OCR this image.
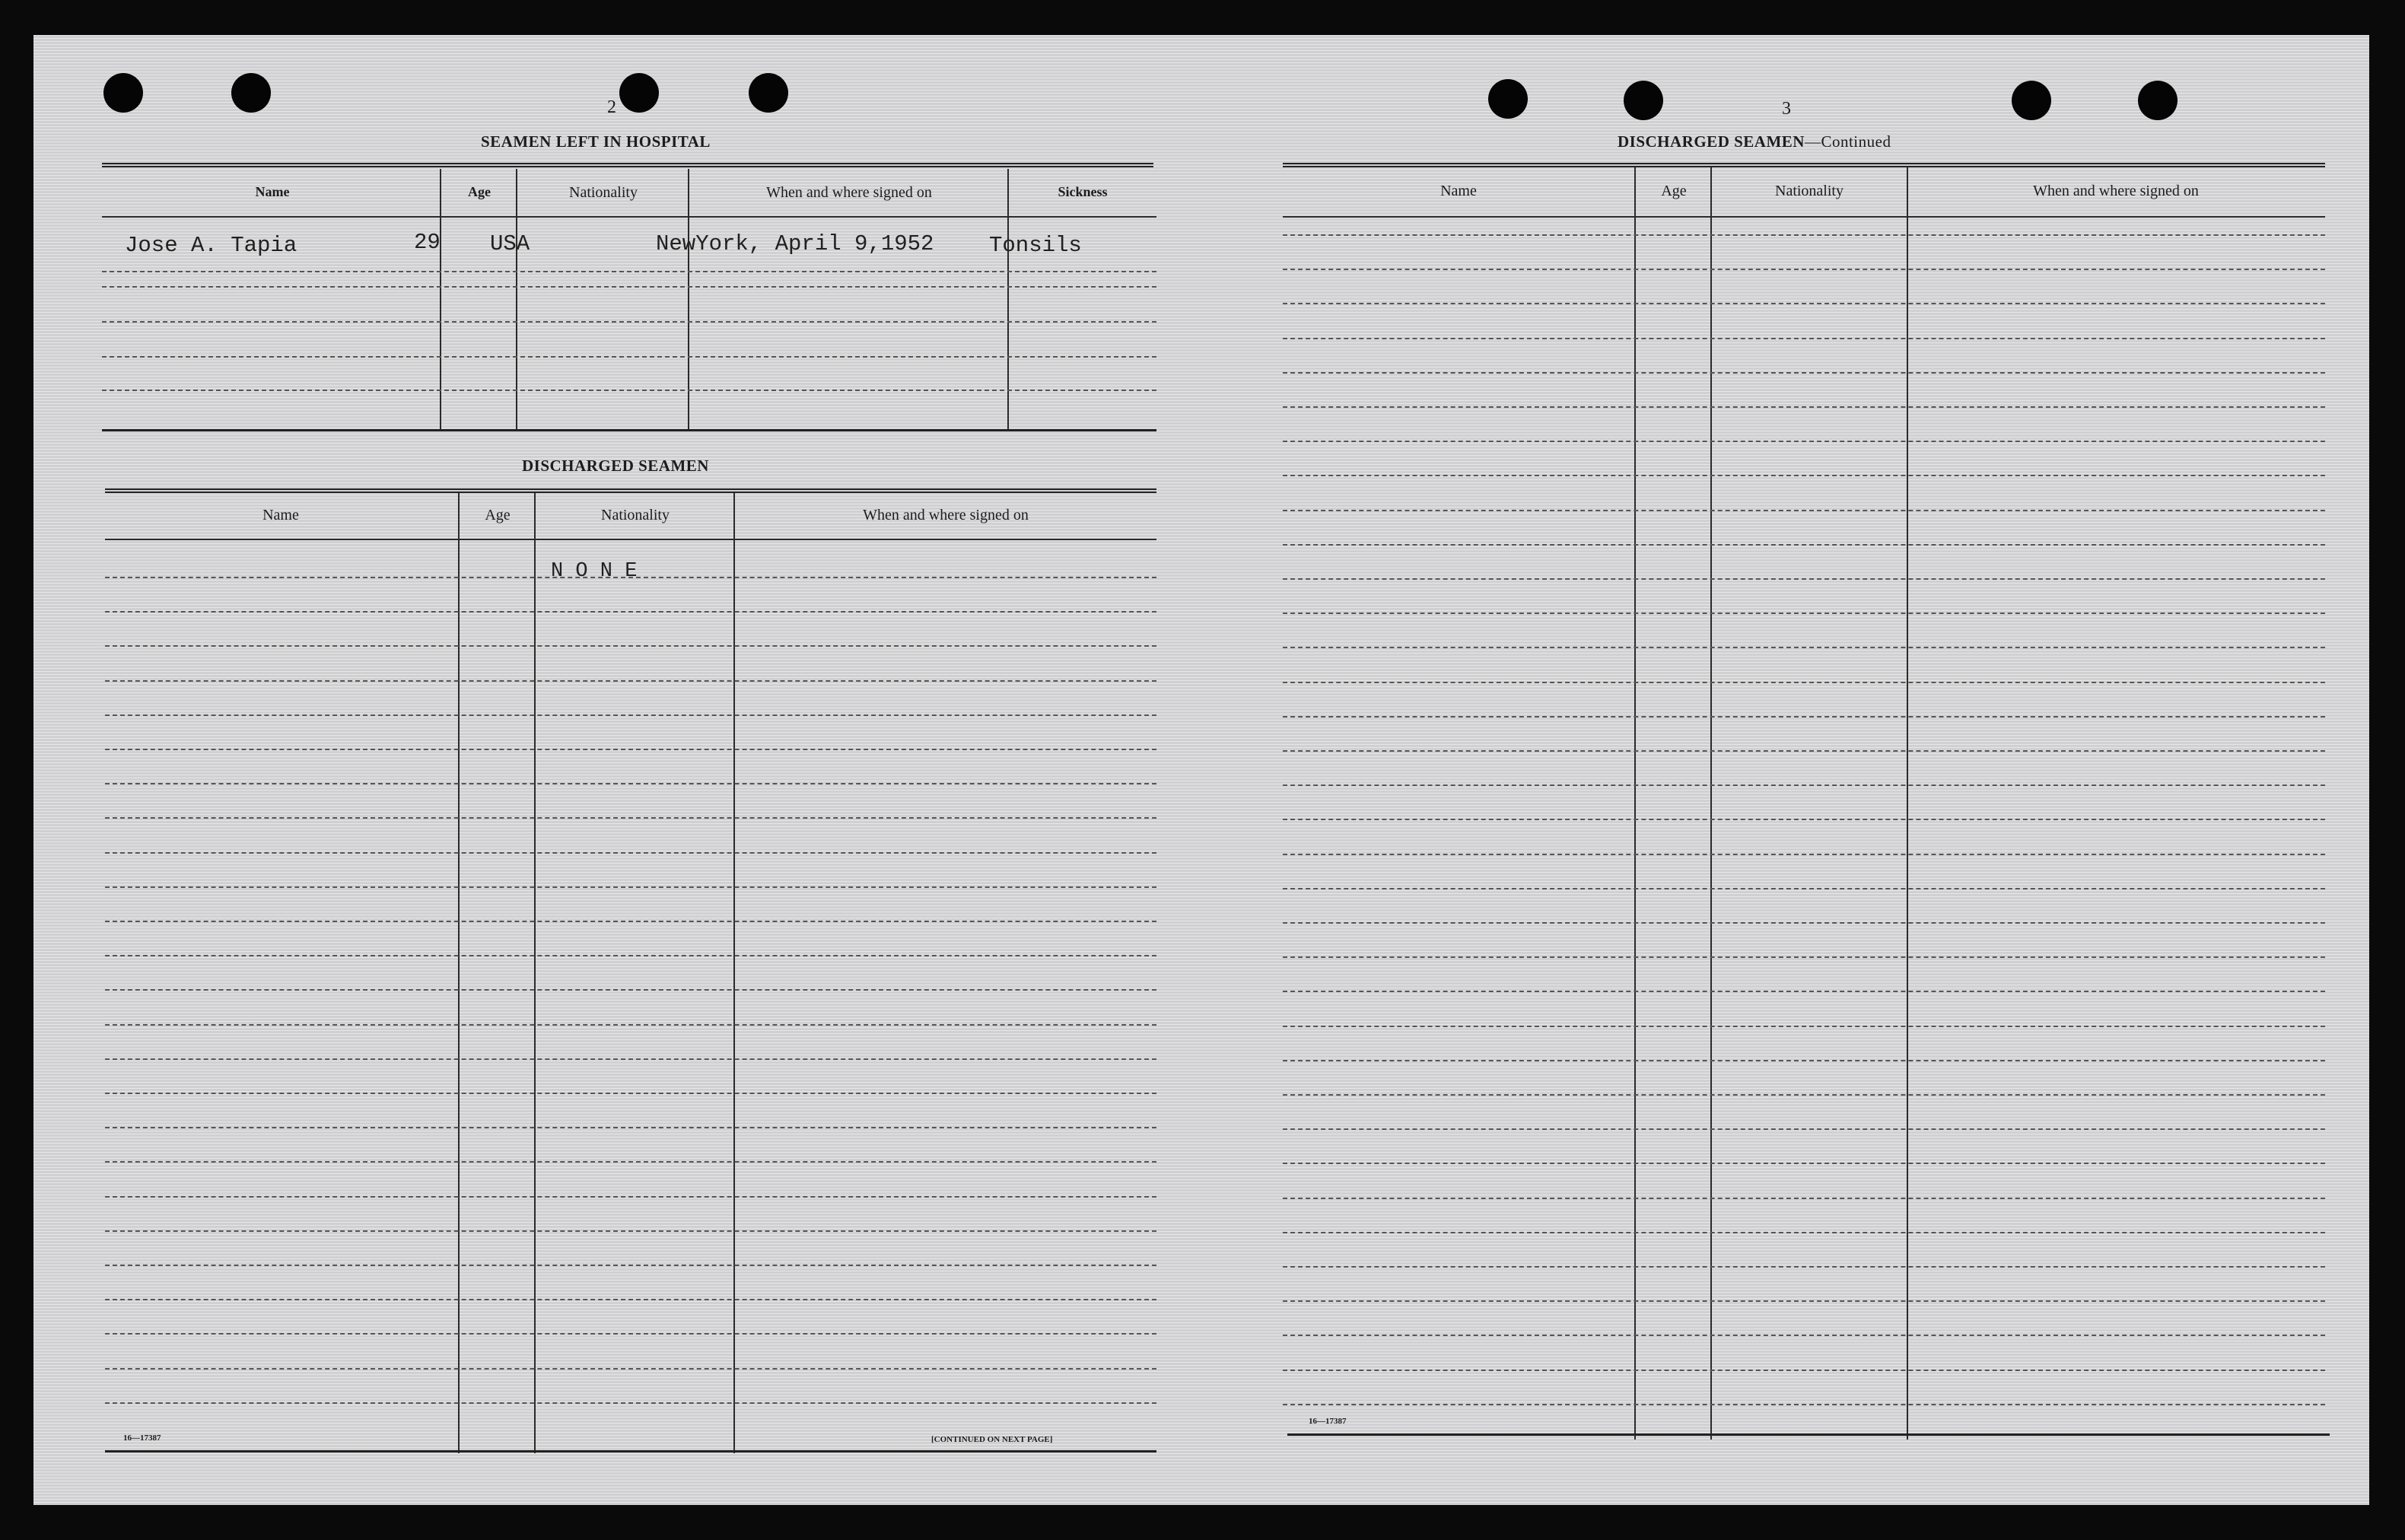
2
SEAMEN LEFT IN HOSPITAL
Name	Age	Nationality	When and where signed on	Sickness
Jose A. Tapia	29 USA	NewYork, April 9,1952	Tonsils
DISCHARGED SEAMEN
Name	Age	Nationality	When and where signed on
N O N E
16—17387	[CONTINUED ON NEXT PAGE]
3
DISCHARGED SEAMEN—Continued
Name	Age	Nationality	When and where signed on
16—17387
